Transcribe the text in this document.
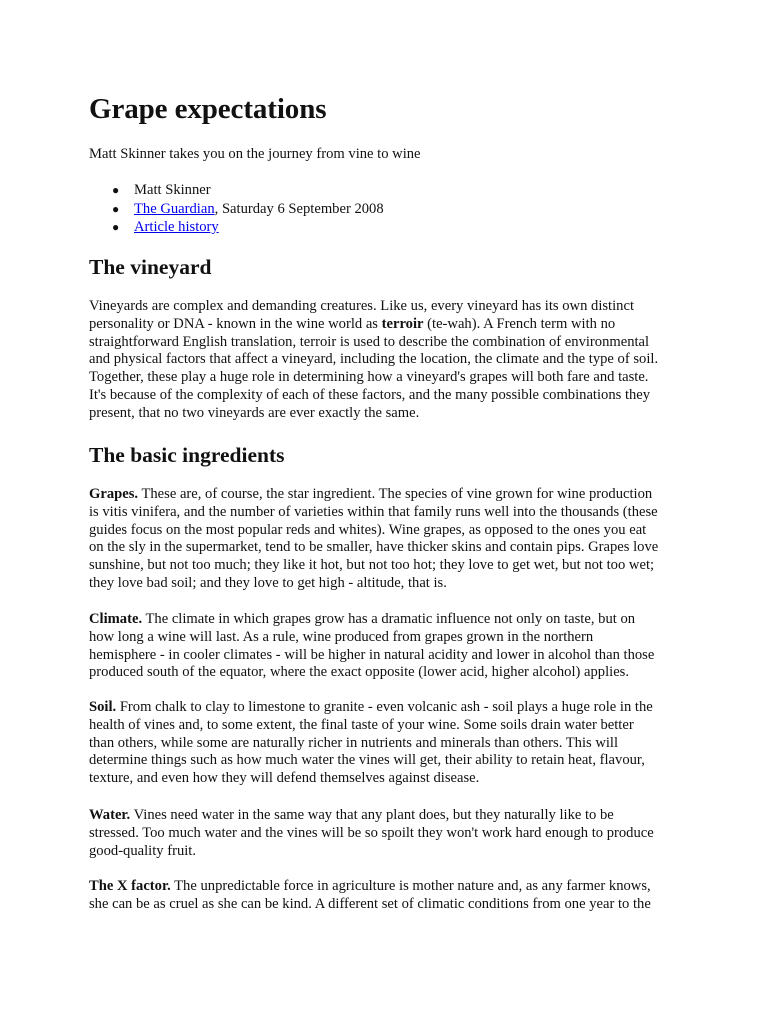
Grape expectations

Matt Skinner takes you on the journey from vine to wine

● Matt Skinner
● The Guardian, Saturday 6 September 2008
● Article history
The vineyard
Vineyards are complex and demanding creatures. Like us, every vineyard has its own distinct
personality or DNA - known in the wine world as terroir (te-wah). A French term with no
straightforward English translation, terroir is used to describe the combination of environmental
and physical factors that affect a vineyard, including the location, the climate and the type of soil.
Together, these play a huge role in determining how a vineyard's grapes will both fare and taste.
It's because of the complexity of each of these factors, and the many possible combinations they
present, that no two vineyards are ever exactly the same.
The basic ingredients
Grapes. These are, of course, the star ingredient. The species of vine grown for wine production
is vitis vinifera, and the number of varieties within that family runs well into the thousands (these
guides focus on the most popular reds and whites). Wine grapes, as opposed to the ones you eat
on the sly in the supermarket, tend to be smaller, have thicker skins and contain pips. Grapes love
sunshine, but not too much; they like it hot, but not too hot; they love to get wet, but not too wet;
they love bad soil; and they love to get high - altitude, that is.
Climate. The climate in which grapes grow has a dramatic influence not only on taste, but on
how long a wine will last. As a rule, wine produced from grapes grown in the northern
hemisphere - in cooler climates - will be higher in natural acidity and lower in alcohol than those
produced south of the equator, where the exact opposite (lower acid, higher alcohol) applies.
Soil. From chalk to clay to limestone to granite - even volcanic ash - soil plays a huge role in the
health of vines and, to some extent, the final taste of your wine. Some soils drain water better
than others, while some are naturally richer in nutrients and minerals than others. This will
determine things such as how much water the vines will get, their ability to retain heat, flavour,
texture, and even how they will defend themselves against disease.
Water. Vines need water in the same way that any plant does, but they naturally like to be
stressed. Too much water and the vines will be so spoilt they won't work hard enough to produce
good-quality fruit.
The X factor. The unpredictable force in agriculture is mother nature and, as any farmer knows,
she can be as cruel as she can be kind. A different set of climatic conditions from one year to the
